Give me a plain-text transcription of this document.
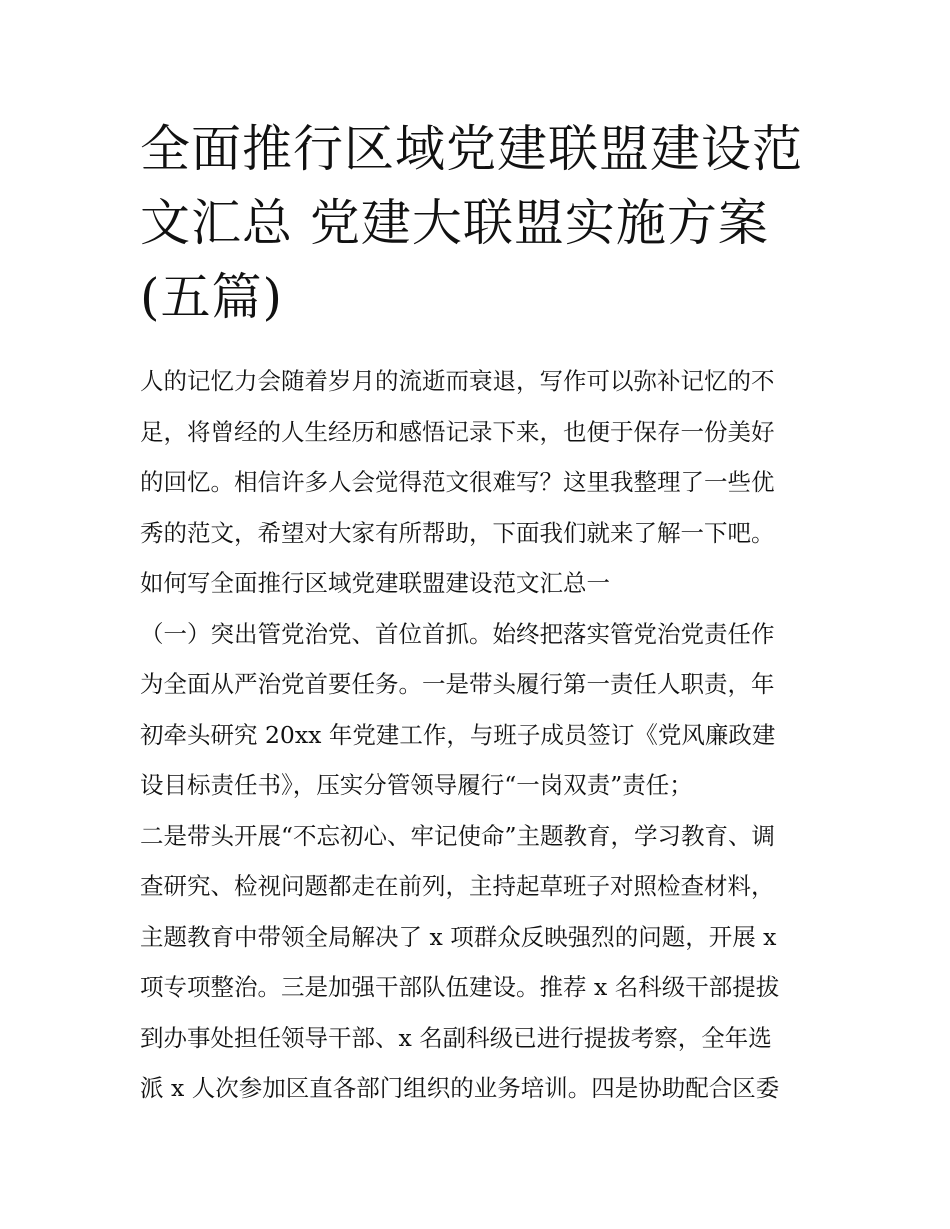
全面推行区域党建联盟建设范
文汇总 党建大联盟实施方案
(五篇)
人的记忆力会随着岁月的流逝而衰退，写作可以弥补记忆的不
足，将曾经的人生经历和感悟记录下来，也便于保存一份美好
的回忆。相信许多人会觉得范文很难写？这里我整理了一些优
秀的范文，希望对大家有所帮助，下面我们就来了解一下吧。
如何写全面推行区域党建联盟建设范文汇总一
（一）突出管党治党、首位首抓。始终把落实管党治党责任作
为全面从严治党首要任务。一是带头履行第一责任人职责，年
初牵头研究 20xx 年党建工作，与班子成员签订《党风廉政建
设目标责任书》，压实分管领导履行“一岗双责”责任；
二是带头开展“不忘初心、牢记使命”主题教育，学习教育、调
查研究、检视问题都走在前列，主持起草班子对照检查材料，
主题教育中带领全局解决了 x 项群众反映强烈的问题，开展 x
项专项整治。三是加强干部队伍建设。推荐 x 名科级干部提拔
到办事处担任领导干部、x 名副科级已进行提拔考察，全年选
派 x 人次参加区直各部门组织的业务培训。四是协助配合区委
